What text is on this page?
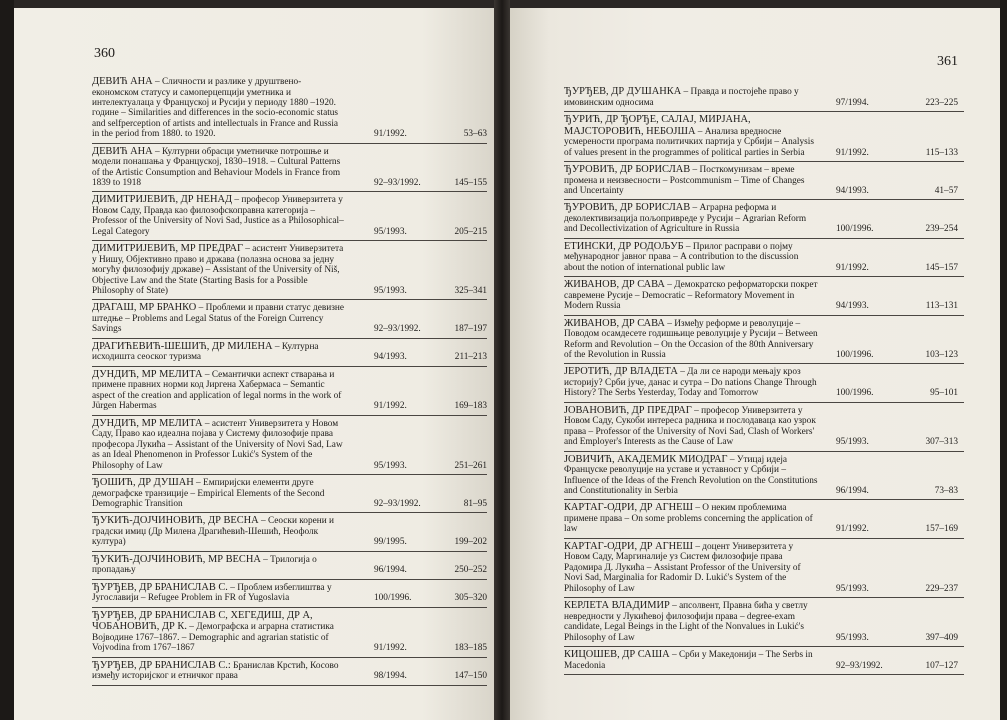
360
ДЕВИЋ АНА – Сличности и разлике у друштвено-економском статусу и самоперцепцији уметника и интелектуалаца у Француској и Русији у периоду 1880 –1920. године – Similarities and differences in the socio-economic status and selfperception of artists and intellectuals in France and Russia in the period from 1880. to 1920.	91/1992.	53–63
ДЕВИЋ АНА – Културни обрасци уметничке потрошње и модели понашања у Француској, 1830–1918. – Cultural Patterns of the Artistic Consumption and Behaviour Models in France from 1839 to 1918	92–93/1992.	145–155
ДИМИТРИЈЕВИЋ, ДР НЕНАД – професор Универзитета у Новом Саду, Правда као филозофскоправна категорија – Professor of the University of Novi Sad, Justice as a Philosophical–Legal Category	95/1993.	205–215
ДИМИТРИЈЕВИЋ, МР ПРЕДРАГ – асистент Универзитета у Нишу, Објективно право и држава (полазна основа за једну могућу филозофију државе) – Assistant of the University of Niš, Objective Law and the State (Starting Basis for a Possible Philosophy of State)	95/1993.	325–341
ДРАГАШ, МР БРАНКО – Проблеми и правни статус девизне штедње – Problems and Legal Status of the Foreign Currency Savings	92–93/1992.	187–197
ДРАГИЋЕВИЋ-ШЕШИЋ, ДР МИЛЕНА – Културна исходишта сеоског туризма	94/1993.	211–213
ДУНДИЋ, МР МЕЛИТА – Семантички аспект стварања и примене правних норми код Јиргена Хабермаса – Semantic aspect of the creation and application of legal norms in the work of Jürgen Habermas	91/1992.	169–183
ДУНДИЋ, МР МЕЛИТА – асистент Универзитета у Новом Саду, Право као идеална појава у Систему филозофије права професора Лукића – Assistant of the University of Novi Sad, Law as an Ideal Phenomenon in Professor Lukić's System of the Philosophy of Law	95/1993.	251–261
ЂОШИЋ, ДР ДУШАН – Емпиријски елементи друге демографске транзиције – Empirical Elements of the Second Demographic Transition	92–93/1992.	81–95
ЂУКИЋ-ДОЈЧИНОВИЋ, ДР ВЕСНА – Сеоски корени и градски имиџ (Др Милена Драгићевић-Шешић, Неофолк култура)	99/1995.	199–202
ЂУКИЋ-ДОЈЧИНОВИЋ, МР ВЕСНА – Трилогија о пропадању	96/1994.	250–252
ЂУРЂЕВ, ДР БРАНИСЛАВ С. – Проблем избеглиштва у Југославији – Refugee Problem in FR of Yugoslavia	100/1996.	305–320
ЂУРЂЕВ, ДР БРАНИСЛАВ С, ХЕГЕДИШ, ДР А, ЧОБАНОВИЋ, ДР К. – Демографска и аграрна статистика Војводине 1767–1867. – Demographic and agrarian statistic of Vojvodina from 1767–1867	91/1992.	183–185
ЂУРЂЕВ, ДР БРАНИСЛАВ С.: Бранислав Крстић, Косово између историјског и етничког права	98/1994.	147–150
361
ЂУРЂЕВ, ДР ДУШАНКА – Правда и постојеће право у имовинским односима	97/1994.	223–225
ЂУРИЋ, ДР ЂОРЂЕ, САЛАЈ, МИРЈАНА, МАЈСТОРОВИЋ, НЕБОЈША – Анализа вредносне усмерености програма политичких партија у Србији – Analysis of values present in the programmes of political parties in Serbia	91/1992.	115–133
ЂУРОВИЋ, ДР БОРИСЛАВ – Посткомунизам – време промена и неизвесности – Postcommunism – Time of Changes and Uncertainty	94/1993.	41–57
ЂУРОВИЋ, ДР БОРИСЛАВ – Аграрна реформа и деколективизација пољопривреде у Русији – Agrarian Reform and Decollectivization of Agriculture in Russia	100/1996.	239–254
ЕТИНСКИ, ДР РОДОЉУБ – Прилог расправи о појму међународног јавног права – A contribution to the discussion about the notion of international public law	91/1992.	145–157
ЖИВАНОВ, ДР САВА – Демократско реформаторски покрет савремене Русије – Democratic – Reformatory Movement in Modern Russia	94/1993.	113–131
ЖИВАНОВ, ДР САВА – Између реформе и револуције – Поводом осамдесете годишњице револуције у Русији – Between Reform and Revolution – On the Occasion of the 80th Anniversary of the Revolution in Russia	100/1996.	103–123
ЈЕРОТИЋ, ДР ВЛАДЕТА – Да ли се народи мењају кроз историју? Срби јуче, данас и сутра – Do nations Change Through History? The Serbs Yesterday, Today and Tomorrow	100/1996.	95–101
ЈОВАНОВИЋ, ДР ПРЕДРАГ – професор Универзитета у Новом Саду, Сукоби интереса радника и послодаваца као узрок права – Professor of the University of Novi Sad, Clash of Workers' and Employer's Interests as the Cause of Law	95/1993.	307–313
ЈОВИЧИЋ, АКАДЕМИК МИОДРАГ – Утицај идеја Француске револуције на уставе и уставност у Србији – Influence of the Ideas of the French Revolution on the Constitutions and Constitutionality in Serbia	96/1994.	73–83
КАРТАГ-ОДРИ, ДР АГНЕШ – О неким проблемима примене права – On some problems concerning the application of law	91/1992.	157–169
КАРТАГ-ОДРИ, ДР АГНЕШ – доцент Универзитета у Новом Саду, Маргиналије уз Систем филозофије права Радомира Д. Лукића – Assistant Professor of the University of Novi Sad, Marginalia for Radomir D. Lukić's System of the Philosophy of Law	95/1993.	229–237
КЕРЛЕТА ВЛАДИМИР – апсолвент, Правна бића у светлу невредности у Лукићевој филозофији права – degree-exam candidate, Legal Beings in the Light of the Nonvalues in Lukić's Philosophy of Law	95/1993.	397–409
КИЦОШЕВ, ДР САША – Срби у Македонији – The Serbs in Macedonia	92–93/1992.	107–127
